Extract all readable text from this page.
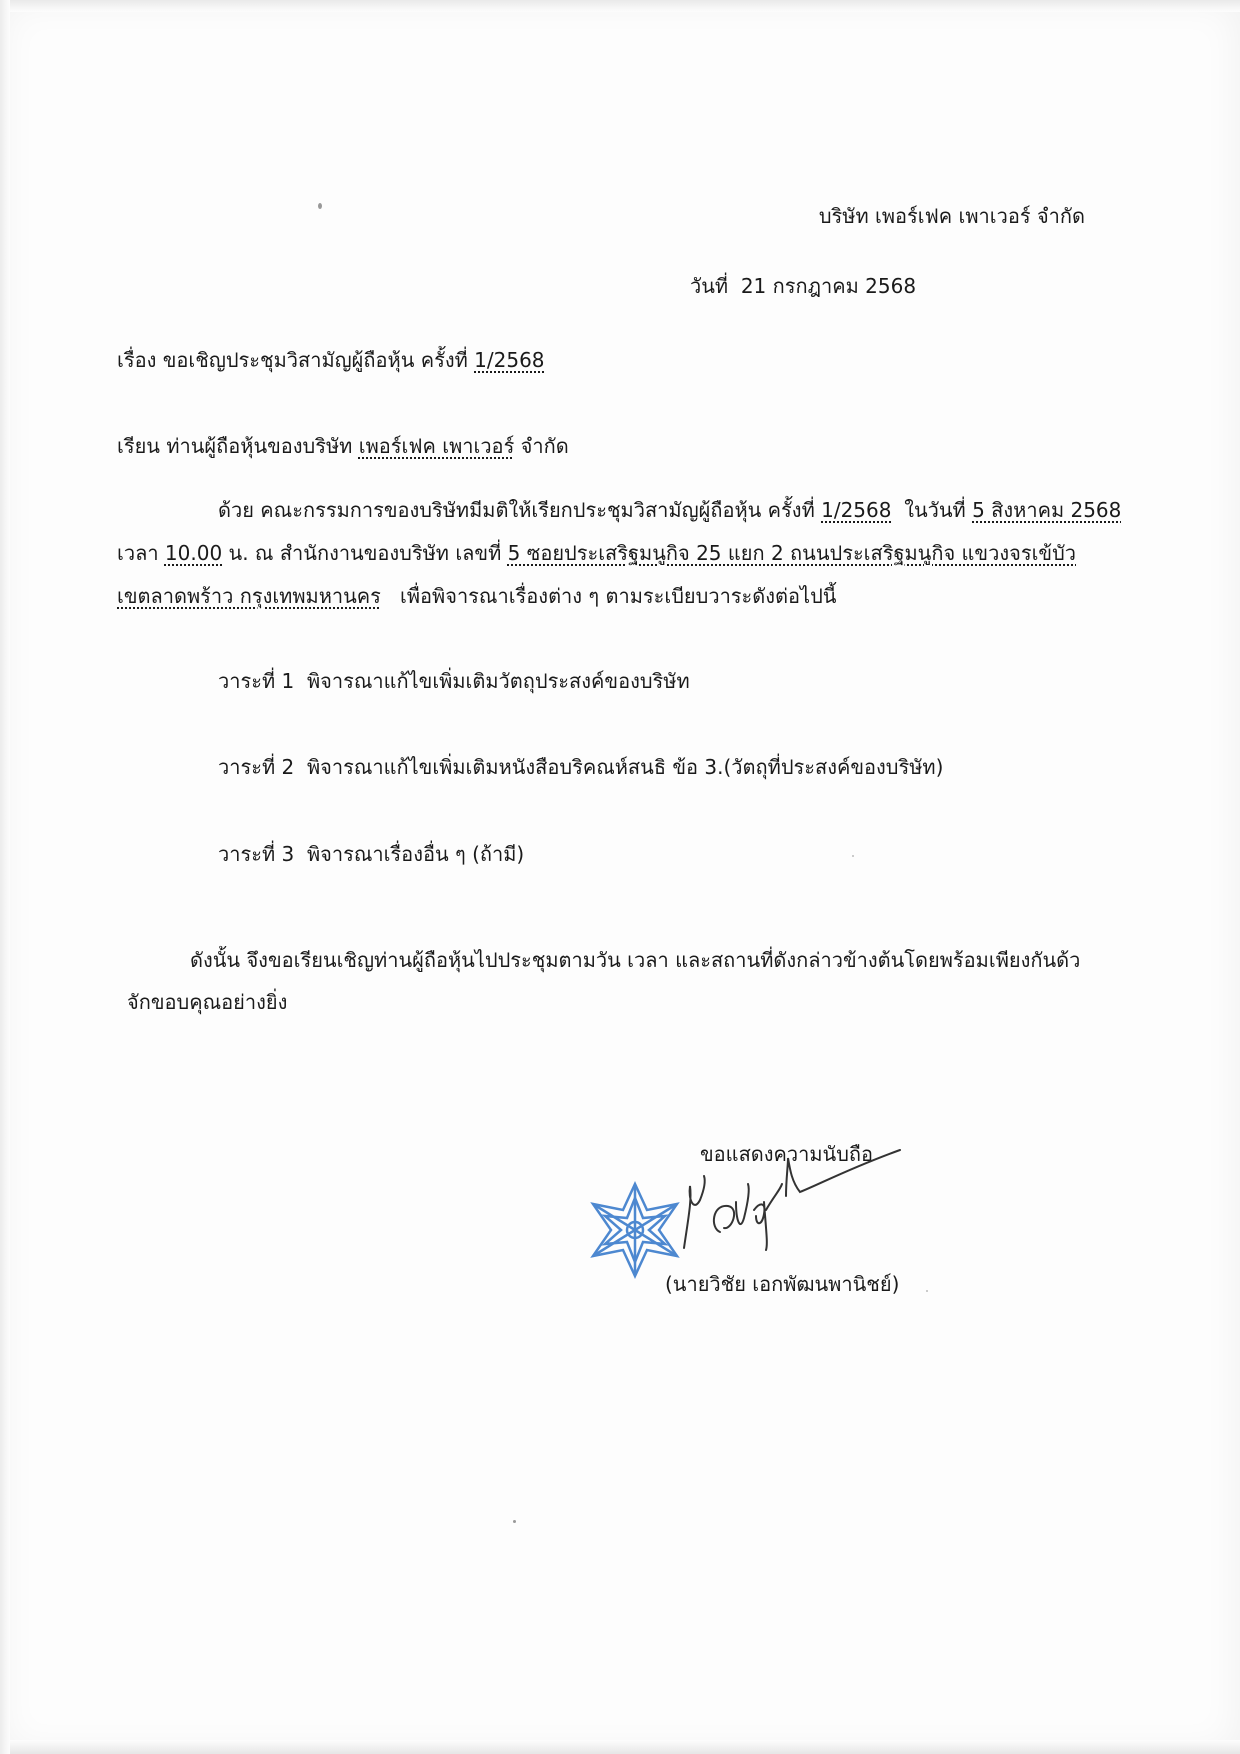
บริษัท เพอร์เฟค เพาเวอร์ จำกัด
วันที่ 21 กรกฎาคม 2568
เรื่อง ขอเชิญประชุมวิสามัญผู้ถือหุ้น ครั้งที่ 1/2568
เรียน ท่านผู้ถือหุ้นของบริษัท เพอร์เฟค เพาเวอร์ จำกัด
ด้วย คณะกรรมการของบริษัทมีมติให้เรียกประชุมวิสามัญผู้ถือหุ้น ครั้งที่ 1/2568 ในวันที่ 5 สิงหาคม 2568
เวลา 10.00 น. ณ สำนักงานของบริษัท เลขที่ 5 ซอยประเสริฐมนูกิจ 25 แยก 2 ถนนประเสริฐมนูกิจ แขวงจรเข้บัว
เขตลาดพร้าว กรุงเทพมหานคร เพื่อพิจารณาเรื่องต่าง ๆ ตามระเบียบวาระดังต่อไปนี้
วาระที่ 1 พิจารณาแก้ไขเพิ่มเติมวัตถุประสงค์ของบริษัท
วาระที่ 2 พิจารณาแก้ไขเพิ่มเติมหนังสือบริคณห์สนธิ ข้อ 3.(วัตถุที่ประสงค์ของบริษัท)
วาระที่ 3 พิจารณาเรื่องอื่น ๆ (ถ้ามี)
ดังนั้น จึงขอเรียนเชิญท่านผู้ถือหุ้นไปประชุมตามวัน เวลา และสถานที่ดังกล่าวข้างต้นโดยพร้อมเพียงกันด้ว
จักขอบคุณอย่างยิ่ง
ขอแสดงความนับถือ
(นายวิชัย เอกพัฒนพานิชย์)
